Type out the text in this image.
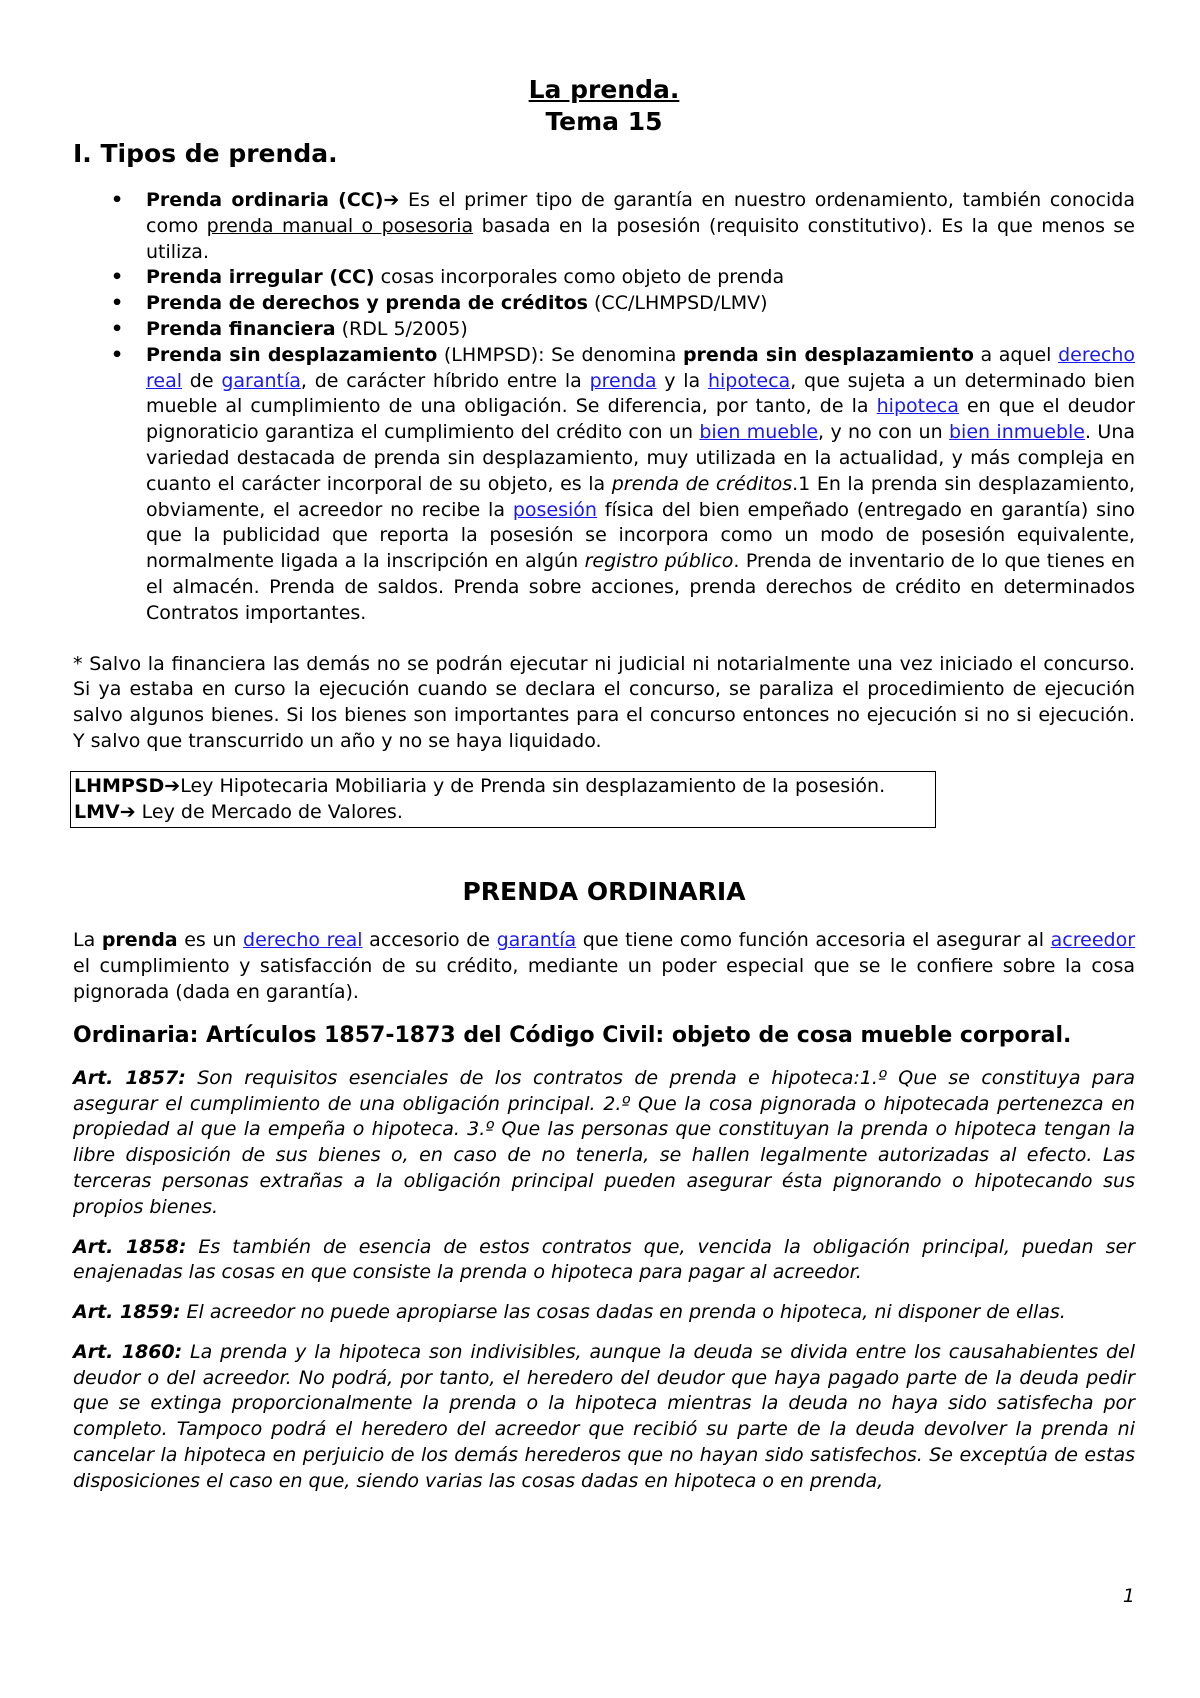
La prenda.

Tema 15

I. Tipos de prenda.

• Prenda ordinaria (CC)➔ Es el primer tipo de garantía en nuestro ordenamiento, también conocida como prenda manual o posesoria basada en la posesión (requisito constitutivo). Es la que menos se utiliza.
• Prenda irregular (CC) cosas incorporales como objeto de prenda
• Prenda de derechos y prenda de créditos (CC/LHMPSD/LMV)
• Prenda financiera (RDL 5/2005)
• Prenda sin desplazamiento (LHMPSD): Se denomina prenda sin desplazamiento a aquel derecho real de garantía, de carácter híbrido entre la prenda y la hipoteca, que sujeta a un determinado bien mueble al cumplimiento de una obligación. Se diferencia, por tanto, de la hipoteca en que el deudor pignoraticio garantiza el cumplimiento del crédito con un bien mueble, y no con un bien inmueble. Una variedad destacada de prenda sin desplazamiento, muy utilizada en la actualidad, y más compleja en cuanto el carácter incorporal de su objeto, es la prenda de créditos.1 En la prenda sin desplazamiento, obviamente, el acreedor no recibe la posesión física del bien empeñado (entregado en garantía) sino que la publicidad que reporta la posesión se incorpora como un modo de posesión equivalente, normalmente ligada a la inscripción en algún registro público. Prenda de inventario de lo que tienes en el almacén. Prenda de saldos. Prenda sobre acciones, prenda derechos de crédito en determinados Contratos importantes.

* Salvo la financiera las demás no se podrán ejecutar ni judicial ni notarialmente una vez iniciado el concurso. Si ya estaba en curso la ejecución cuando se declara el concurso, se paraliza el procedimiento de ejecución salvo algunos bienes. Si los bienes son importantes para el concurso entonces no ejecución si no si ejecución. Y salvo que transcurrido un año y no se haya liquidado.

LHMPSD➔Ley Hipotecaria Mobiliaria y de Prenda sin desplazamiento de la posesión.
LMV➔ Ley de Mercado de Valores.

PRENDA ORDINARIA

La prenda es un derecho real accesorio de garantía que tiene como función accesoria el asegurar al acreedor el cumplimiento y satisfacción de su crédito, mediante un poder especial que se le confiere sobre la cosa pignorada (dada en garantía).

Ordinaria: Artículos 1857-1873 del Código Civil: objeto de cosa mueble corporal.

Art. 1857: Son requisitos esenciales de los contratos de prenda e hipoteca:1.º Que se constituya para asegurar el cumplimiento de una obligación principal. 2.º Que la cosa pignorada o hipotecada pertenezca en propiedad al que la empeña o hipoteca. 3.º Que las personas que constituyan la prenda o hipoteca tengan la libre disposición de sus bienes o, en caso de no tenerla, se hallen legalmente autorizadas al efecto. Las terceras personas extrañas a la obligación principal pueden asegurar ésta pignorando o hipotecando sus propios bienes.

Art. 1858: Es también de esencia de estos contratos que, vencida la obligación principal, puedan ser enajenadas las cosas en que consiste la prenda o hipoteca para pagar al acreedor.

Art. 1859: El acreedor no puede apropiarse las cosas dadas en prenda o hipoteca, ni disponer de ellas.

Art. 1860: La prenda y la hipoteca son indivisibles, aunque la deuda se divida entre los causahabientes del deudor o del acreedor. No podrá, por tanto, el heredero del deudor que haya pagado parte de la deuda pedir que se extinga proporcionalmente la prenda o la hipoteca mientras la deuda no haya sido satisfecha por completo. Tampoco podrá el heredero del acreedor que recibió su parte de la deuda devolver la prenda ni cancelar la hipoteca en perjuicio de los demás herederos que no hayan sido satisfechos. Se exceptúa de estas disposiciones el caso en que, siendo varias las cosas dadas en hipoteca o en prenda,

1
